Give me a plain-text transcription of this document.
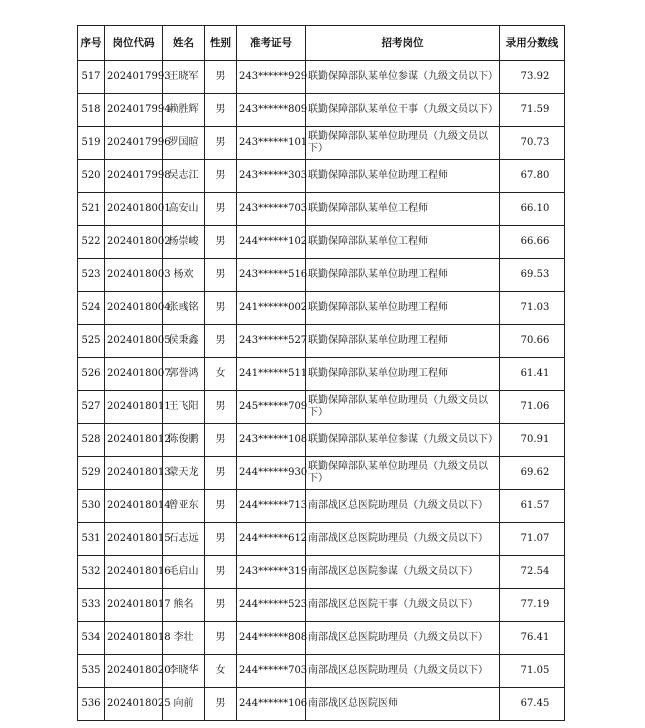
序号	岗位代码	姓名	性别	准考证号	招考岗位	录用分数线
517	2024017993	王晓军	男	243******929	联勤保障部队某单位参谋（九级文员以下）	73.92
518	2024017994	赖胜辉	男	243******809	联勤保障部队某单位干事（九级文员以下）	71.59
519	2024017996	罗国暄	男	243******101	联勤保障部队某单位助理员（九级文员以下）	70.73
520	2024017998	吴志江	男	243******303	联勤保障部队某单位助理工程师	67.80
521	2024018001	高安山	男	243******703	联勤保障部队某单位工程师	66.10
522	2024018002	杨崇峻	男	244******102	联勤保障部队某单位工程师	66.66
523	2024018003	杨欢	男	243******516	联勤保障部队某单位助理工程师	69.53
524	2024018004	张彧铭	男	241******002	联勤保障部队某单位助理工程师	71.03
525	2024018005	侯秉鑫	男	243******527	联勤保障部队某单位助理工程师	70.66
526	2024018007	郭誉鸿	女	241******511	联勤保障部队某单位助理工程师	61.41
527	2024018011	王飞阳	男	245******709	联勤保障部队某单位助理员（九级文员以下）	71.06
528	2024018012	陈俊鹏	男	243******108	联勤保障部队某单位参谋（九级文员以下）	70.91
529	2024018013	蒙天龙	男	244******930	联勤保障部队某单位助理员（九级文员以下）	69.62
530	2024018014	曾亚东	男	244******713	南部战区总医院助理员（九级文员以下）	61.57
531	2024018015	石志远	男	244******612	南部战区总医院助理员（九级文员以下）	71.07
532	2024018016	毛启山	男	243******319	南部战区总医院参谋（九级文员以下）	72.54
533	2024018017	熊名	男	244******523	南部战区总医院干事（九级文员以下）	77.19
534	2024018018	李壮	男	244******808	南部战区总医院助理员（九级文员以下）	76.41
535	2024018020	李晓华	女	244******703	南部战区总医院助理员（九级文员以下）	71.05
536	2024018025	向前	男	244******106	南部战区总医院医师	67.45
